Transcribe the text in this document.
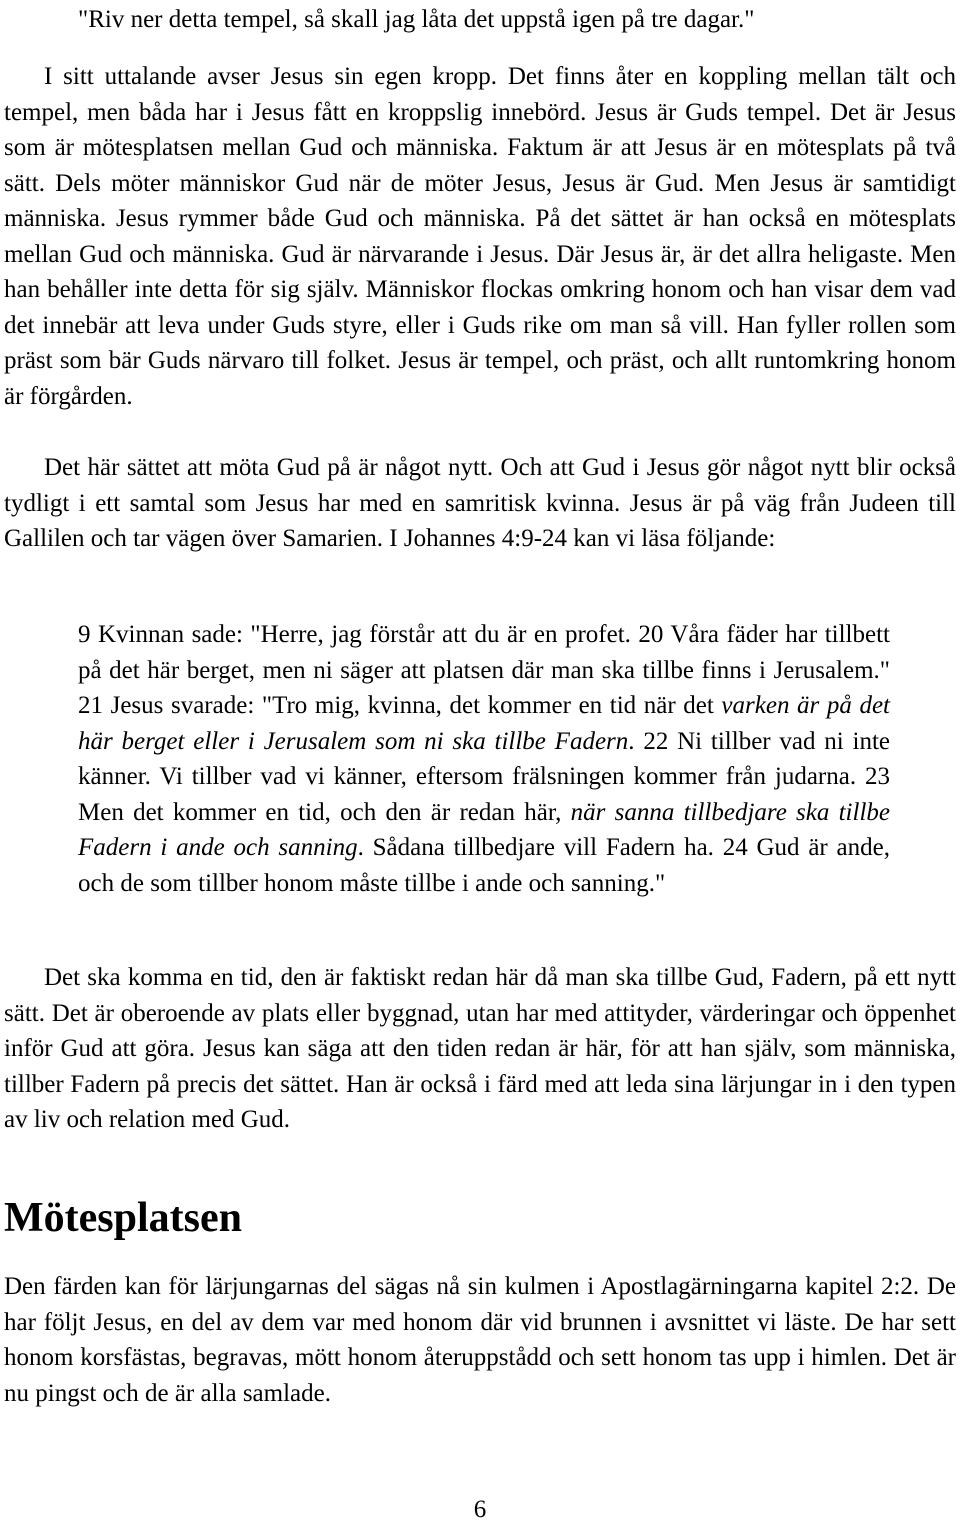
"Riv ner detta tempel, så skall jag låta det uppstå igen på tre dagar."

I sitt uttalande avser Jesus sin egen kropp. Det finns åter en koppling mellan tält och tempel, men båda har i Jesus fått en kroppslig innebörd. Jesus är Guds tempel. Det är Jesus som är mötesplatsen mellan Gud och människa. Faktum är att Jesus är en mötesplats på två sätt. Dels möter människor Gud när de möter Jesus, Jesus är Gud. Men Jesus är samtidigt människa. Jesus rymmer både Gud och människa. På det sättet är han också en mötesplats mellan Gud och människa. Gud är närvarande i Jesus. Där Jesus är, är det allra heligaste. Men han behåller inte detta för sig själv. Människor flockas omkring honom och han visar dem vad det innebär att leva under Guds styre, eller i Guds rike om man så vill. Han fyller rollen som präst som bär Guds närvaro till folket. Jesus är tempel, och präst, och allt runtomkring honom är förgården.

Det här sättet att möta Gud på är något nytt. Och att Gud i Jesus gör något nytt blir också tydligt i ett samtal som Jesus har med en samritisk kvinna. Jesus är på väg från Judeen till Gallilen och tar vägen över Samarien. I Johannes 4:9-24 kan vi läsa följande:

9 Kvinnan sade: "Herre, jag förstår att du är en profet. 20 Våra fäder har tillbett på det här berget, men ni säger att platsen där man ska tillbe finns i Jerusalem." 21 Jesus svarade: "Tro mig, kvinna, det kommer en tid när det varken är på det här berget eller i Jerusalem som ni ska tillbe Fadern. 22 Ni tillber vad ni inte känner. Vi tillber vad vi känner, eftersom frälsningen kommer från judarna. 23 Men det kommer en tid, och den är redan här, när sanna tillbedjare ska tillbe Fadern i ande och sanning. Sådana tillbedjare vill Fadern ha. 24 Gud är ande, och de som tillber honom måste tillbe i ande och sanning."

Det ska komma en tid, den är faktiskt redan här då man ska tillbe Gud, Fadern, på ett nytt sätt. Det är oberoende av plats eller byggnad, utan har med attityder, värderingar och öppenhet inför Gud att göra. Jesus kan säga att den tiden redan är här, för att han själv, som människa, tillber Fadern på precis det sättet. Han är också i färd med att leda sina lärjungar in i den typen av liv och relation med Gud.

Mötesplatsen

Den färden kan för lärjungarnas del sägas nå sin kulmen i Apostlagärningarna kapitel 2:2. De har följt Jesus, en del av dem var med honom där vid brunnen i avsnittet vi läste. De har sett honom korsfästas, begravas, mött honom återuppstådd och sett honom tas upp i himlen. Det är nu pingst och de är alla samlade.

6
